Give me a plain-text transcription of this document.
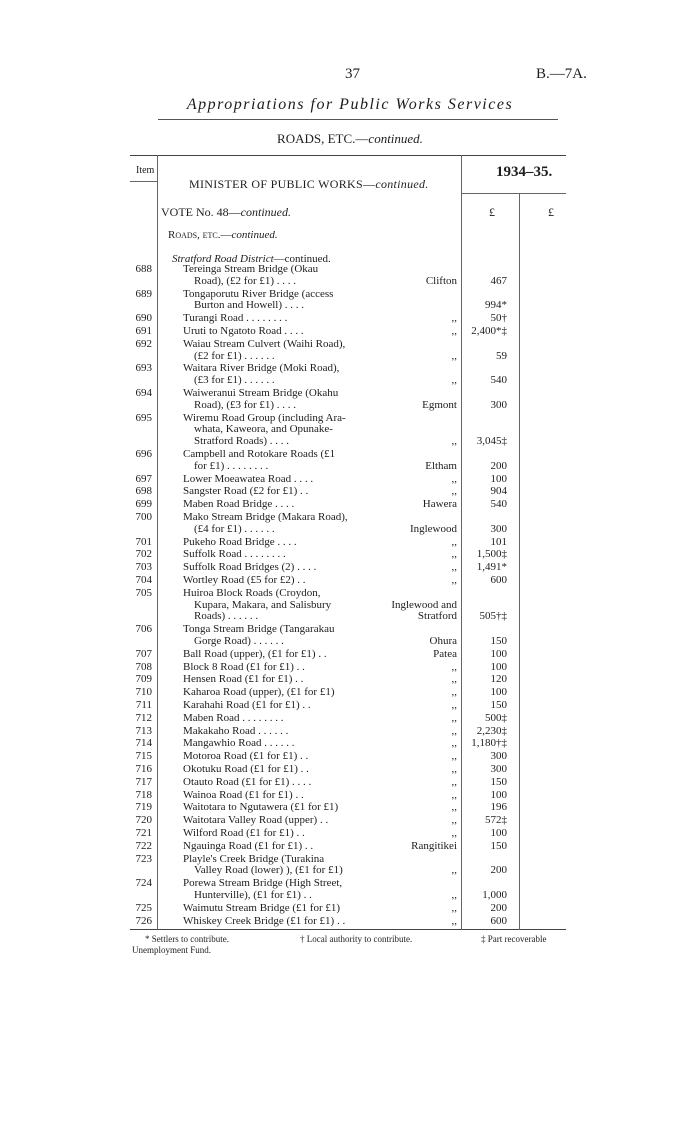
37	B.—7A.
Appropriations for Public Works Services
ROADS, ETC.—continued.
Item
MINISTER OF PUBLIC WORKS—continued.
1934–35.
£	£
VOTE No. 48—continued.
Roads, etc.—continued.
Stratford Road District—continued.
688	Tereinga Stream Bridge (Okau
Road), (£2 for £1) . . . .	Clifton	467
689	Tongaporutu River Bridge (access
Burton and Howell) . . . .	994*
690	Turangi Road . . . . . . . .	,,	50†
691	Uruti to Ngatoto Road . . . .	,, 2,400*‡
692	Waiau Stream Culvert (Waihi Road),
(£2 for £1) . . . . . .	,,	59
693	Waitara River Bridge (Moki Road),
(£3 for £1) . . . . . .	,,	540
694	Waiweranui Stream Bridge (Okahu
Road), (£3 for £1) . . . .	Egmont	300
695	Wiremu Road Group (including Ara-
whata, Kaweora, and Opunake-
Stratford Roads) . . . .	,, 3,045‡
696	Campbell and Rotokare Roads (£1
for £1) . . . . . . . .	Eltham	200
697	Lower Moeawatea Road . . . .	,,	100
698	Sangster Road (£2 for £1) . .	,,	904
699	Maben Road Bridge . . . .	Hawera	540
700	Mako Stream Bridge (Makara Road),
(£4 for £1) . . . . . .	Inglewood	300
701	Pukeho Road Bridge . . . .	,,	101
702	Suffolk Road . . . . . . . .	,, 1,500‡
703	Suffolk Road Bridges (2) . . . .	,, 1,491*
704	Wortley Road (£5 for £2) . .	,,	600
705	Huiroa Block Roads (Croydon,
Kupara, Makara, and Salisbury
Roads) . . . . . .
Inglewood and
Stratford 505†‡
706	Tonga Stream Bridge (Tangarakau
Gorge Road) . . . . . .	Ohura	150
707	Ball Road (upper), (£1 for £1) . .	Patea	100
708	Block 8 Road (£1 for £1) . .	,,	100
709	Hensen Road (£1 for £1) . .	,,	120
710	Kaharoa Road (upper), (£1 for £1)	,,	100
711	Karahahi Road (£1 for £1) . .	,,	150
712	Maben Road . . . . . . . .	,,	500‡
713	Makakaho Road . . . . . .	,, 2,230‡
714	Mangawhio Road . . . . . .	,, 1,180†‡
715	Motoroa Road (£1 for £1) . .	,,	300
716	Okotuku Road (£1 for £1) . .	,,	300
717	Otauto Road (£1 for £1) . . . .	,,	150
718	Wainoa Road (£1 for £1) . .	,,	100
719	Waitotara to Ngutawera (£1 for £1)	,,	196
720	Waitotara Valley Road (upper) . .	,,	572‡
721	Wilford Road (£1 for £1) . .	,,	100
722	Ngauinga Road (£1 for £1) . .	Rangitikei	150
723	Playle's Creek Bridge (Turakina
Valley Road (lower) ), (£1 for £1)	,,	200
724	Porewa Stream Bridge (High Street,
Hunterville), (£1 for £1) . .	,, 1,000
725	Waimutu Stream Bridge (£1 for £1)	,,	200
726	Whiskey Creek Bridge (£1 for £1) . .	,,	600
* Settlers to contribute.	† Local authority to contribute.	‡ Part recoverable
Unemployment Fund.
